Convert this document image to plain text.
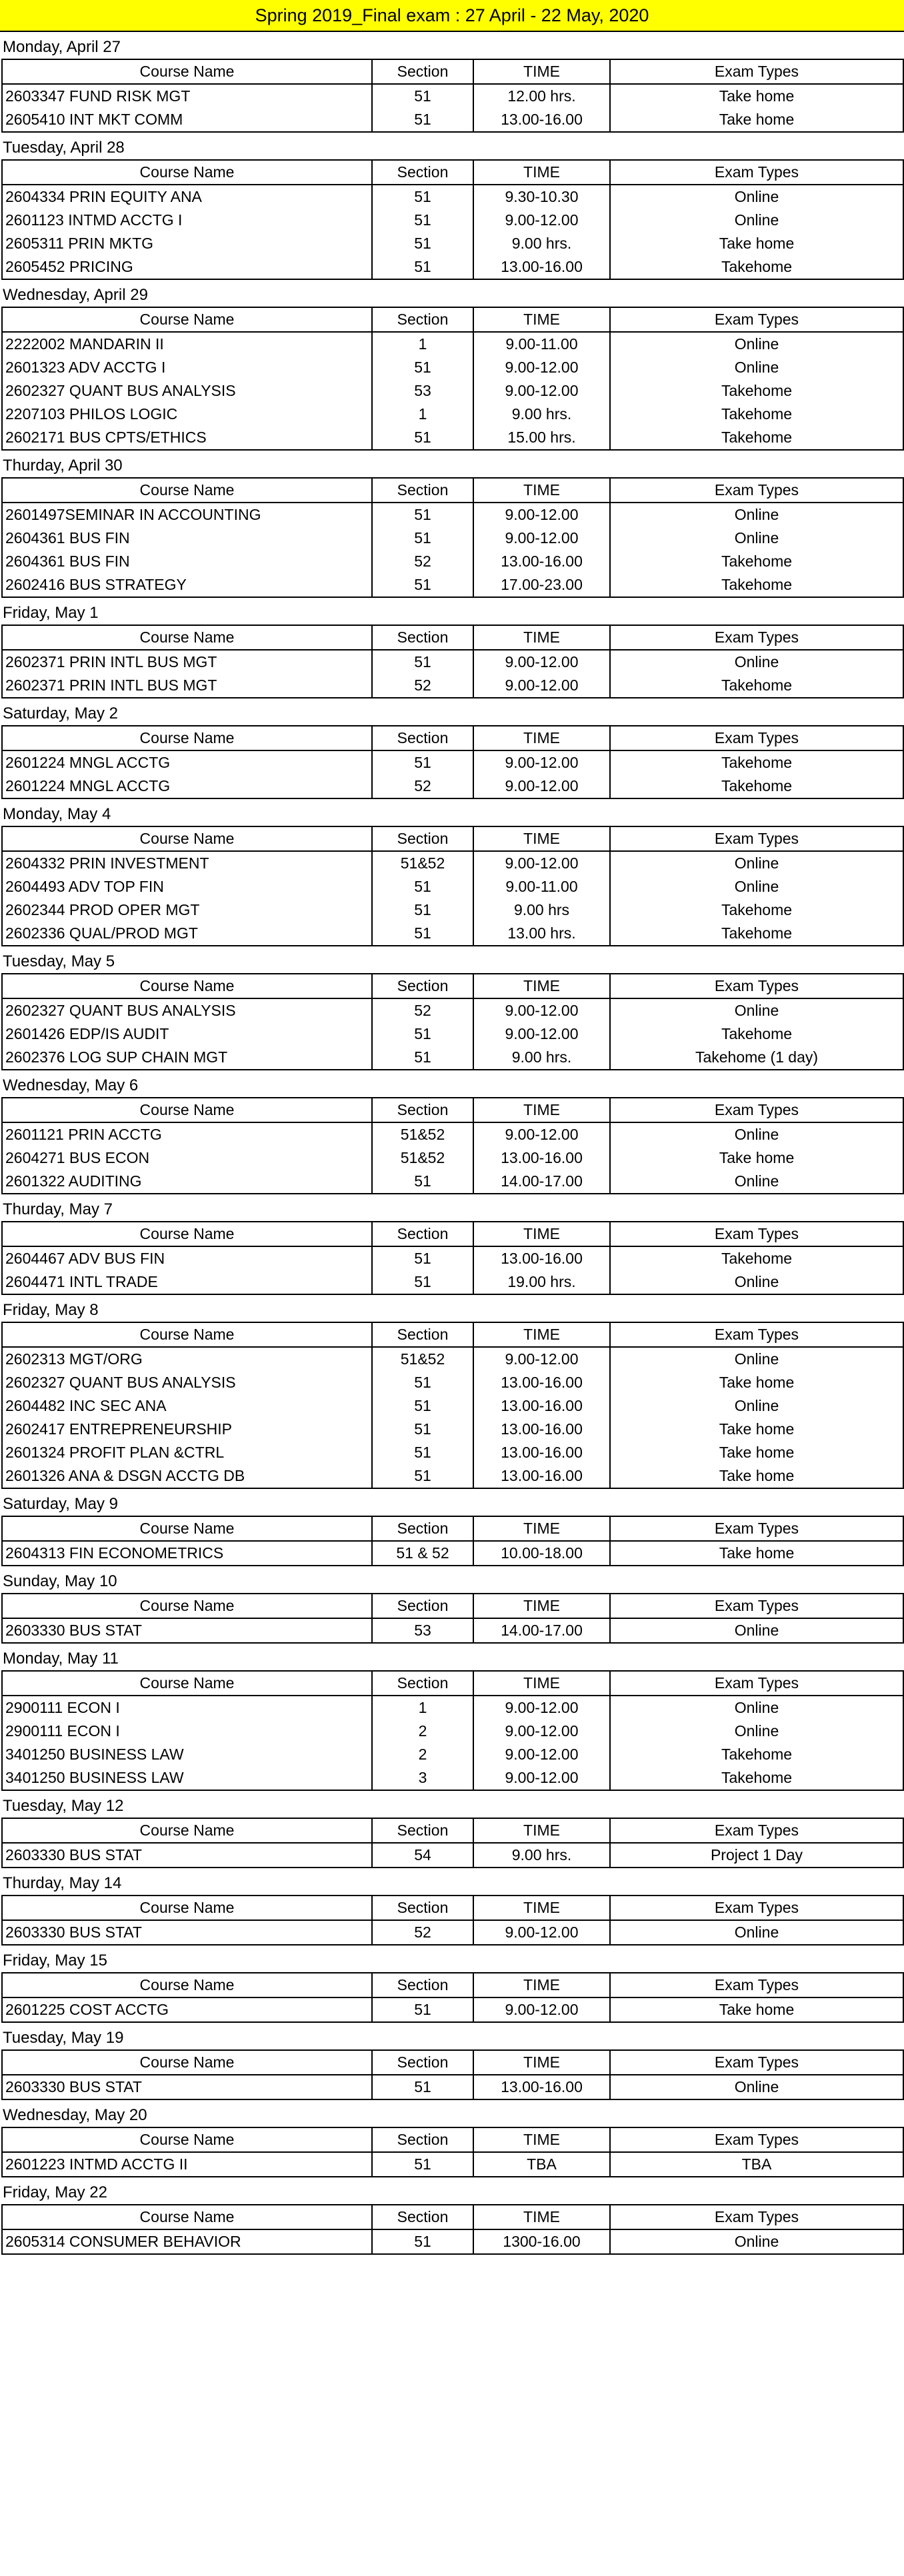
Spring 2019_Final exam : 27 April - 22 May, 2020
Monday, April 27
Course Name	Section	TIME	Exam Types
2603347 FUND RISK MGT	51	12.00 hrs.	Take home
2605410 INT MKT COMM	51	13.00-16.00	Take home
Tuesday, April 28
Course Name	Section	TIME	Exam Types
2604334 PRIN EQUITY ANA	51	9.30-10.30	Online
2601123 INTMD ACCTG I	51	9.00-12.00	Online
2605311 PRIN MKTG	51	9.00 hrs.	Take home
2605452 PRICING	51	13.00-16.00	Takehome
Wednesday, April 29
Course Name	Section	TIME	Exam Types
2222002 MANDARIN II	1	9.00-11.00	Online
2601323 ADV ACCTG I	51	9.00-12.00	Online
2602327 QUANT BUS ANALYSIS	53	9.00-12.00	Takehome
2207103 PHILOS LOGIC	1	9.00 hrs.	Takehome
2602171 BUS CPTS/ETHICS	51	15.00 hrs.	Takehome
Thurday, April 30
Course Name	Section	TIME	Exam Types
2601497SEMINAR IN ACCOUNTING	51	9.00-12.00	Online
2604361 BUS FIN	51	9.00-12.00	Online
2604361 BUS FIN	52	13.00-16.00	Takehome
2602416 BUS STRATEGY	51	17.00-23.00	Takehome
Friday, May 1
Course Name	Section	TIME	Exam Types
2602371 PRIN INTL BUS MGT	51	9.00-12.00	Online
2602371 PRIN INTL BUS MGT	52	9.00-12.00	Takehome
Saturday, May 2
Course Name	Section	TIME	Exam Types
2601224 MNGL ACCTG	51	9.00-12.00	Takehome
2601224 MNGL ACCTG	52	9.00-12.00	Takehome
Monday, May 4
Course Name	Section	TIME	Exam Types
2604332 PRIN INVESTMENT	51&52	9.00-12.00	Online
2604493 ADV TOP FIN	51	9.00-11.00	Online
2602344 PROD OPER MGT	51	9.00 hrs	Takehome
2602336 QUAL/PROD MGT	51	13.00 hrs.	Takehome
Tuesday, May 5
Course Name	Section	TIME	Exam Types
2602327 QUANT BUS ANALYSIS	52	9.00-12.00	Online
2601426 EDP/IS AUDIT	51	9.00-12.00	Takehome
2602376 LOG SUP CHAIN MGT	51	9.00 hrs.	Takehome (1 day)
Wednesday, May 6
Course Name	Section	TIME	Exam Types
2601121 PRIN ACCTG	51&52	9.00-12.00	Online
2604271 BUS ECON	51&52	13.00-16.00	Take home
2601322 AUDITING	51	14.00-17.00	Online
Thurday, May 7
Course Name	Section	TIME	Exam Types
2604467 ADV BUS FIN	51	13.00-16.00	Takehome
2604471 INTL TRADE	51	19.00 hrs.	Online
Friday, May 8
Course Name	Section	TIME	Exam Types
2602313 MGT/ORG	51&52	9.00-12.00	Online
2602327 QUANT BUS ANALYSIS	51	13.00-16.00	Take home
2604482 INC SEC ANA	51	13.00-16.00	Online
2602417 ENTREPRENEURSHIP	51	13.00-16.00	Take home
2601324 PROFIT PLAN &CTRL	51	13.00-16.00	Take home
2601326 ANA & DSGN ACCTG DB	51	13.00-16.00	Take home
Saturday, May 9
Course Name	Section	TIME	Exam Types
2604313 FIN ECONOMETRICS	51 & 52	10.00-18.00	Take home
Sunday, May 10
Course Name	Section	TIME	Exam Types
2603330 BUS STAT	53	14.00-17.00	Online
Monday, May 11
Course Name	Section	TIME	Exam Types
2900111 ECON I	1	9.00-12.00	Online
2900111 ECON I	2	9.00-12.00	Online
3401250 BUSINESS LAW	2	9.00-12.00	Takehome
3401250 BUSINESS LAW	3	9.00-12.00	Takehome
Tuesday, May 12
Course Name	Section	TIME	Exam Types
2603330 BUS STAT	54	9.00 hrs.	Project 1 Day
Thurday, May 14
Course Name	Section	TIME	Exam Types
2603330 BUS STAT	52	9.00-12.00	Online
Friday, May 15
Course Name	Section	TIME	Exam Types
2601225 COST ACCTG	51	9.00-12.00	Take home
Tuesday, May 19
Course Name	Section	TIME	Exam Types
2603330 BUS STAT	51	13.00-16.00	Online
Wednesday, May 20
Course Name	Section	TIME	Exam Types
2601223 INTMD ACCTG II	51	TBA	TBA
Friday, May 22
Course Name	Section	TIME	Exam Types
2605314 CONSUMER BEHAVIOR	51	1300-16.00	Online
